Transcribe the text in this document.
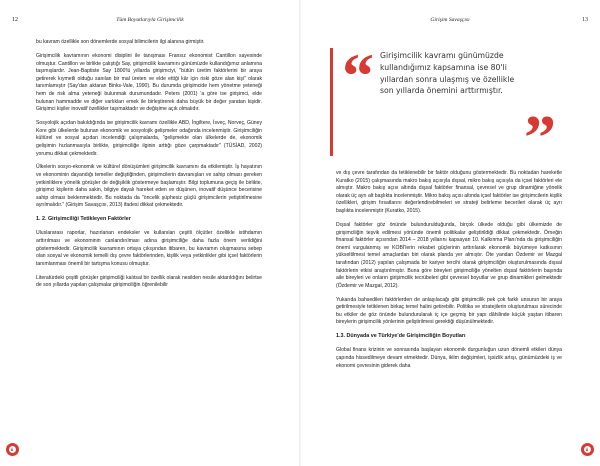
12	Tüm Boyutlarıyla Girişimcilik

bu kavram özellikle son dönemlerde sosyal bilimcilerin ilgi alanına girmiştir.

Girişimcilik kavramının ekonomi disiplini ile tanışması Fransız ekonomist Cantillon sayesinde olmuştur. Cantillon ve birlikte çalıştığı Say, girişimcilik kavramını günümüzde kullandığımız anlamına taşımışlardır. Jean-Baptiste Say 1800'lü yıllarda girişimciyi, "bütün üretim faktörlerini bir araya getirerek kıymetli olduğu sanılan bir mal üreten ve elde ettiği kâr için riski göze alan kişi" olarak tanımlamıştır (Say'dan aktaran Binks-Vale, 1990). Bu durumda girişimcide hem yönetme yeteneği hem de risk alma yeteneği bulunmak durumundadır. Peters (2001) 'a göre ise girişimci, elde bulunan hammadde ve diğer varlıkları emek ile birleştirerek daha büyük bir değer yaratan kişidir. Girişimci kişiler inovatif özellikler taşımaktadır ve değişime açık olmalıdır.

Sosyolojik açıdan bakıldığında ise girişimcilik kavramı özellikle ABD, İngiltere, İsveç, Norveç, Güney Kore gibi ülkelerde bulunan ekonomik ve sosyolojik gelişmeler odağında incelenmiştir. Girişimciliğin kültürel ve sosyal açıdan incelendiği çalışmalarda, "gelişmekte olan ülkelerde de, ekonomik gelişimin hızlanmasıyla birlikte, girişimciliğe ilginin arttığı göze çarpmaktadır" (TÜSİAD, 2002) yorumu dikkat çekmektedir.

Ülkelerin sosyo-ekonomik ve kültürel dönüşümleri girişimcilik kavramını da etkilemiştir. İş hayatının ve ekonominin dayandığı temeller değiştiğinden, girişimcilerin davranışları ve sahip olması gereken yetkinliklere yönelik görüşler de değişiklik göstermeye başlamıştır. Bilgi toplumuna geçiş ile birlikte, girişimci kişilerin daha sakin, bilgiye dayalı hareket eden ve düşünen, inovatif düşünce becerisine sahip olması beklenmektedir. Bu noktada da "öncelik şüphesiz güçlü girişimcilerin yetiştirilmesine ayrılmalıdır." (Girişim Savaşçısı, 2013) ifadesi dikkat çekmektedir.

1. 2. Girişimciliği Tetikleyen Faktörler

Uluslararası raporlar, hazırlanan endeksler ve kullanılan çeşitli ölçütler özellikle istihdamın arttırılması ve ekonominin canlandırılması adına girişimciliğe daha fazla önem verildiğini göstermektedir. Girişimcilik kavramının ortaya çıkışından itibaren, bu kavramın oluşmasına sebep olan sosyal ve ekonomik temelli dış çevre faktörlerinden, kişilik veya yetkinlikler gibi içsel faktörlerin tanımlanması önemli bir tartışma konusu olmuştur.

Literatürdeki çeşitli görüşler girişimciliği kalıtsal bir özellik olarak nesilden nesile aktarıldığını belirtse de son yıllarda yapılan çalışmalar girişimciliğin öğrenilebilir

Girişim Savaşçısı	13

ve dış çevre tarafından da tetiklenebilir bir faktör olduğunu göstermektedir. Bu noktadan hareketle Kuratko (2015) çalışmasında makro bakış açısıyla dışsal, mikro bakış açısıyla da içsel faktörleri ele almıştır. Makro bakış açısı altında dışsal faktörler finansal, çevresel ve grup dinamiğine yönelik olarak üç ayrı alt başlıkta incelenmiştir. Mikro bakış açısı altında içsel faktörler ise girişimcilerin kişilik özellikleri, girişim fırsatlarını değerlendirebilmeleri ve strateji belirleme becerileri olarak üç ayrı başlıkta incelenmiştir (Kuratko, 2015).

Dışsal faktörler göz önünde bulundurulduğunda, birçok ülkede olduğu gibi ülkemizde de girişimciliğin teşvik edilmesi yönünde önemli politikalar geliştirildiği dikkat çekmektedir. Örneğin finansal faktörler açısından 2014 – 2018 yıllarını kapsayan 10. Kalkınma Planı'nda da girişimciliğin önemi vurgulanmış ve KOBİ'lerin rekabet güçlerinin arttırılarak ekonomik büyümeye katkısının yükseltilmesi temel amaçlardan biri olarak planda yer almıştır. Öte yandan Özdemir ve Mazgal tarafından (2012) yapılan çalışmada bir kariyer tercihi olarak girişimciliğin oluşturulmasında dışsal faktörlerin etkisi araştırılmıştır. Buna göre bireyleri girişimciliğe yönelten dışsal faktörlerin başında aile bireyleri ve onların girişimcilik tecrübeleri gibi çevresel boyutlar ve grup dinamikleri gelmektedir (Özdemir ve Mazgal, 2012).

Yukarıda bahsedilen faktörlerden de anlaşılacağı gibi girişimcilik pek çok farklı unsurun bir araya getirilmesiyle tetiklenen birkaç temel halini getirebilir. Politika ve stratejilerin oluşturulması sürecinde bu etkiler de göz önünde bulundurularak iç içe geçmiş bir yapı dâhilinde küçük yaştan itibaren bireylerin girişimcilik yönlerinin geliştirilmesi gerektiği düşünülmektedir.

1.3. Dünyada ve Türkiye'de Girişimciliğin Boyutları

Global finans krizinin ve sonrasında başlayan ekonomik durgunluğun uzun dönemli etkileri dünya çapında hissedilmeye devam etmektedir. Dünya, iklim değişimleri, işsizlik artışı, günümüzdeki iş ve ekonomi çevresinin giderek daha

“ Girişimcilik kavramı günümüzde kullandığımız kapsamına ise 80'li yıllardan sonra ulaşmış ve özellikle son yıllarda önemini arttırmıştır.
”
